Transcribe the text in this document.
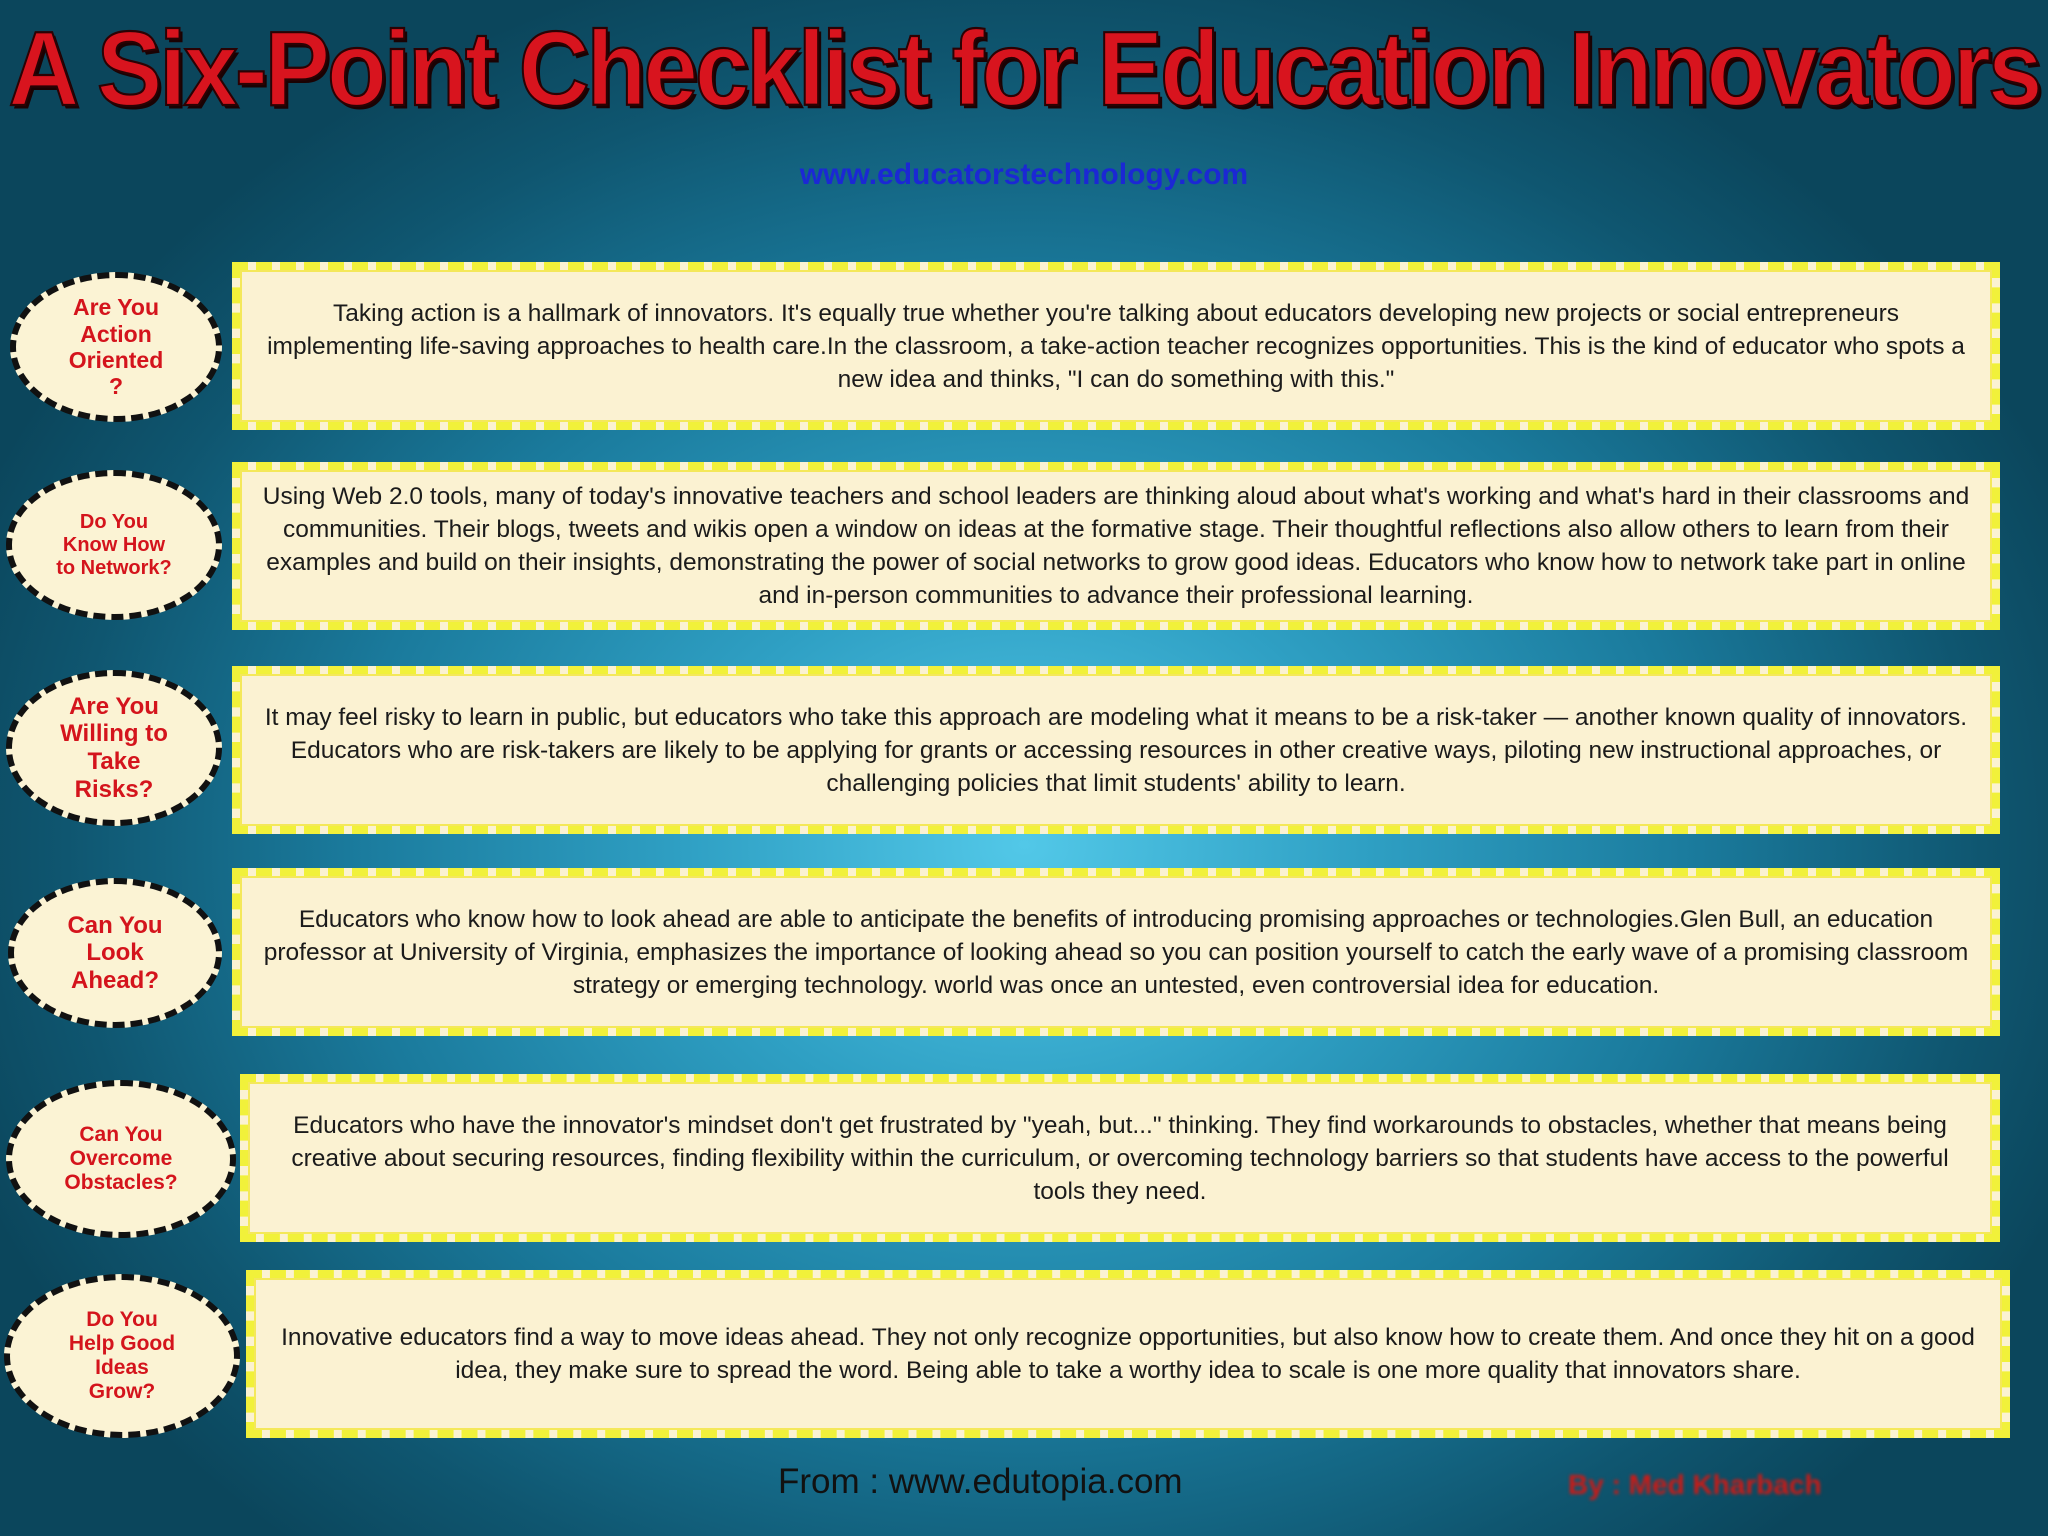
A Six-Point Checklist for Education Innovators
www.educatorstechnology.com
Are You Action Oriented ?

Taking action is a hallmark of innovators. It's equally true whether you're talking about educators developing new projects or social entrepreneurs implementing life-saving approaches to health care.In the classroom, a take-action teacher recognizes opportunities. This is the kind of educator who spots a new idea and thinks, "I can do something with this."

Do You Know How to Network?

Using Web 2.0 tools, many of today's innovative teachers and school leaders are thinking aloud about what's working and what's hard in their classrooms and communities. Their blogs, tweets and wikis open a window on ideas at the formative stage. Their thoughtful reflections also allow others to learn from their examples and build on their insights, demonstrating the power of social networks to grow good ideas. Educators who know how to network take part in online and in-person communities to advance their professional learning.

Are You Willing to Take Risks?

It may feel risky to learn in public, but educators who take this approach are modeling what it means to be a risk-taker — another known quality of innovators. Educators who are risk-takers are likely to be applying for grants or accessing resources in other creative ways, piloting new instructional approaches, or challenging policies that limit students' ability to learn.

Can You Look Ahead?

Educators who know how to look ahead are able to anticipate the benefits of introducing promising approaches or technologies.Glen Bull, an education professor at University of Virginia, emphasizes the importance of looking ahead so you can position yourself to catch the early wave of a promising classroom strategy or emerging technology. world was once an untested, even controversial idea for education.

Can You Overcome Obstacles?

Educators who have the innovator's mindset don't get frustrated by "yeah, but..." thinking. They find workarounds to obstacles, whether that means being creative about securing resources, finding flexibility within the curriculum, or overcoming technology barriers so that students have access to the powerful tools they need.

Do You Help Good Ideas Grow?

Innovative educators find a way to move ideas ahead. They not only recognize opportunities, but also know how to create them. And once they hit on a good idea, they make sure to spread the word. Being able to take a worthy idea to scale is one more quality that innovators share.

From : www.edutopia.com	By : Med Kharbach
